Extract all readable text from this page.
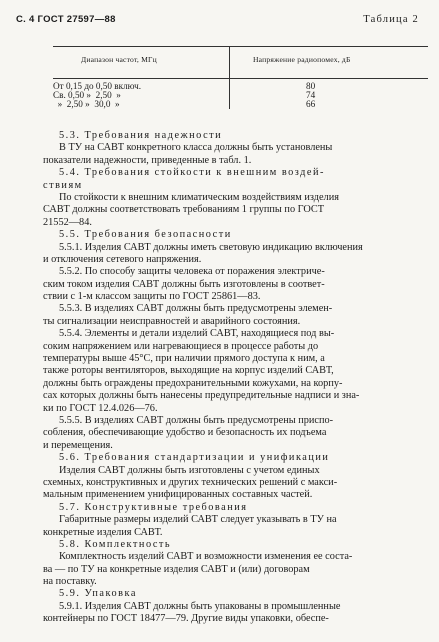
С. 4 ГОСТ 27597—88	Таблица 2
Диапазон частот, МГц	Напряжение радиопомех, дБ
От 0,15 до 0,50 включ.	80
Св. 0,50 »  2,50  »	74
»  2,50 »  30,0  »	66
5.3. Требования надежности
В ТУ на САВТ конкретного класса должны быть установлены
показатели надежности, приведенные в табл. 1.
5.4. Требования стойкости к внешним воздей-
ствиям
По стойкости к внешним климатическим воздействиям изделия
САВТ должны соответствовать требованиям 1 группы по ГОСТ
21552—84.
5.5. Требования безопасности
5.5.1. Изделия САВТ должны иметь световую индикацию включения
и отключения сетевого напряжения.
5.5.2. По способу защиты человека от поражения электриче-
ским током изделия САВТ должны быть изготовлены в соответ-
ствии с 1-м классом защиты по ГОСТ 25861—83.
5.5.3. В изделиях САВТ должны быть предусмотрены элемен-
ты сигнализации неисправностей и аварийного состояния.
5.5.4. Элементы и детали изделий САВТ, находящиеся под вы-
соким напряжением или нагревающиеся в процессе работы до
температуры выше 45°С, при наличии прямого доступа к ним, а
также роторы вентиляторов, выходящие на корпус изделий САВТ,
должны быть ограждены предохранительными кожухами, на корпу-
сах которых должны быть нанесены предупредительные надписи и зна-
ки по ГОСТ 12.4.026—76.
5.5.5. В изделиях САВТ должны быть предусмотрены приспо-
собления, обеспечивающие удобство и безопасность их подъема
и перемещения.
5.6. Требования стандартизации и унификации
Изделия САВТ должны быть изготовлены с учетом единых
схемных, конструктивных и других технических решений с макси-
мальным применением унифицированных составных частей.
5.7. Конструктивные требования
Габаритные размеры изделий САВТ следует указывать в ТУ на
конкретные изделия САВТ.
5.8. Комплектность
Комплектность изделий САВТ и возможности изменения ее соста-
ва — по ТУ на конкретные изделия САВТ и (или) договорам
на поставку.
5.9. Упаковка
5.9.1. Изделия САВТ должны быть упакованы в промышленные
контейнеры по ГОСТ 18477—79. Другие виды упаковки, обеспе-
